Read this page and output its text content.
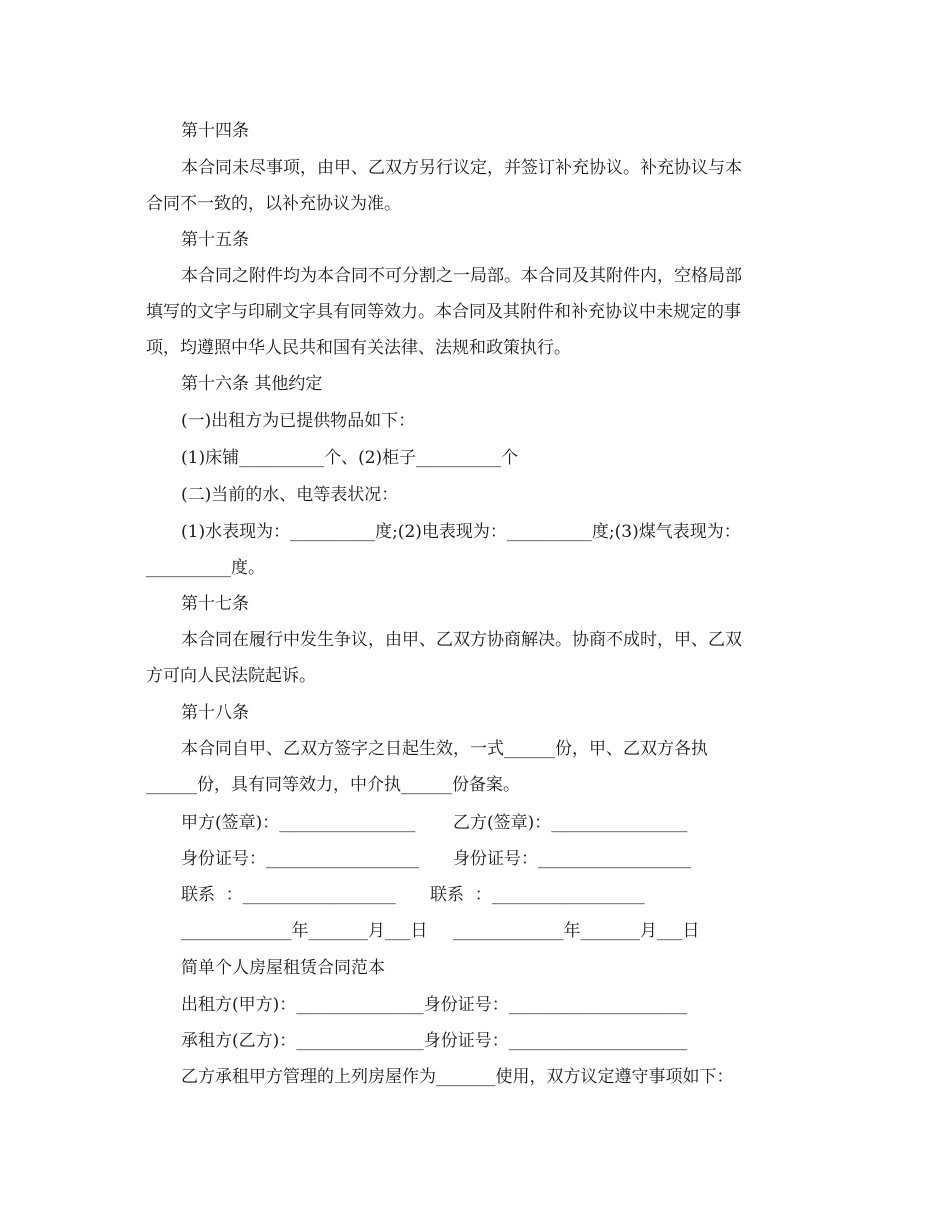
第十四条
本合同未尽事项，由甲、乙双方另行议定，并签订补充协议。补充协议与本
合同不一致的，以补充协议为准。
第十五条
本合同之附件均为本合同不可分割之一局部。本合同及其附件内，空格局部
填写的文字与印刷文字具有同等效力。本合同及其附件和补充协议中未规定的事
项，均遵照中华人民共和国有关法律、法规和政策执行。
第十六条 其他约定
(一)出租方为已提供物品如下：
(1)床铺__________个、(2)柜子__________个
(二)当前的水、电等表状况：
(1)水表现为：__________度;(2)电表现为：__________度;(3)煤气表现为：
__________度。
第十七条
本合同在履行中发生争议，由甲、乙双方协商解决。协商不成时，甲、乙双
方可向人民法院起诉。
第十八条
本合同自甲、乙双方签字之日起生效，一式______份，甲、乙双方各执
______份，具有同等效力，中介执______份备案。
甲方(签章)：________________ 乙方(签章)：________________
身份证号：__________________ 身份证号：__________________
联系  ：__________________ 联系  ：__________________
_____________年_______月___日 _____________年_______月___日
简单个人房屋租赁合同范本
出租方(甲方)：_______________身份证号：_____________________
承租方(乙方)：_______________身份证号：_____________________
乙方承租甲方管理的上列房屋作为_______使用，双方议定遵守事项如下：
